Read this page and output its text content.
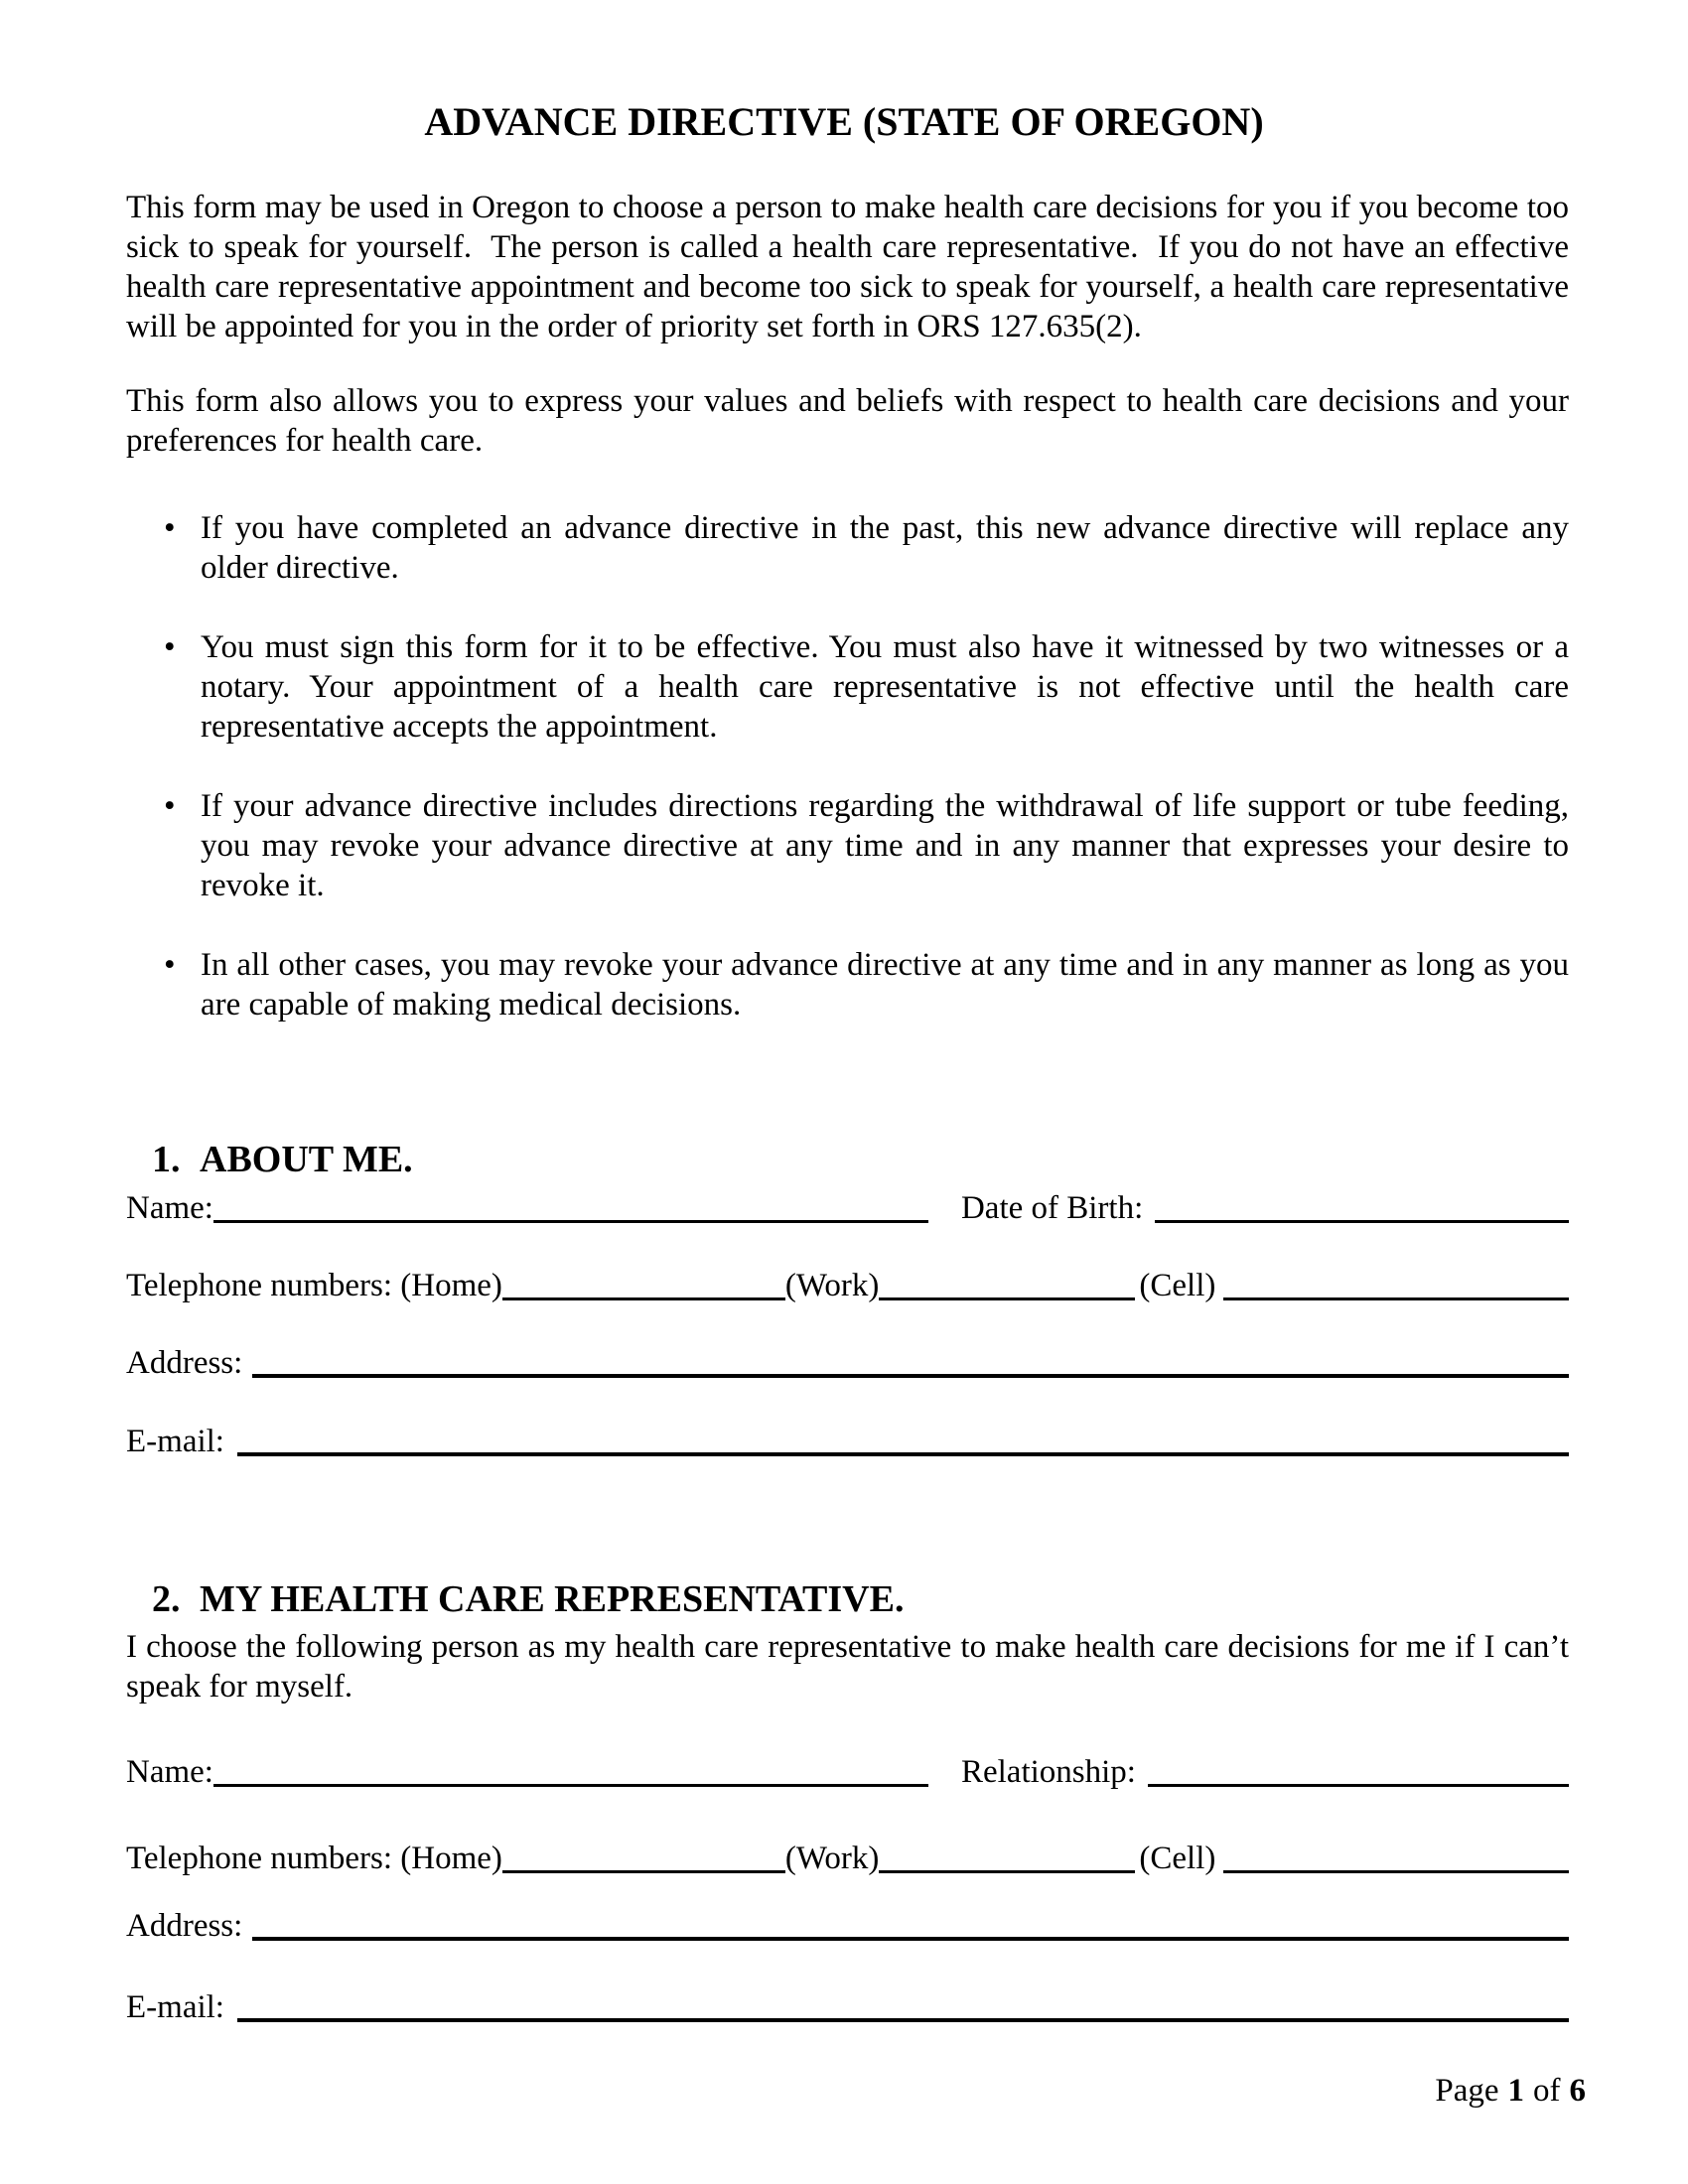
ADVANCE DIRECTIVE (STATE OF OREGON)
This form may be used in Oregon to choose a person to make health care decisions for you if you become too sick to speak for yourself.  The person is called a health care representative.  If you do not have an effective health care representative appointment and become too sick to speak for yourself, a health care representative will be appointed for you in the order of priority set forth in ORS 127.635(2).
This form also allows you to express your values and beliefs with respect to health care decisions and your preferences for health care.
• If you have completed an advance directive in the past, this new advance directive will replace any older directive.
• You must sign this form for it to be effective. You must also have it witnessed by two witnesses or a notary. Your appointment of a health care representative is not effective until the health care representative accepts the appointment.
• If your advance directive includes directions regarding the withdrawal of life support or tube feeding, you may revoke your advance directive at any time and in any manner that expresses your desire to revoke it.
• In all other cases, you may revoke your advance directive at any time and in any manner as long as you are capable of making medical decisions.

1. ABOUT ME.

Name:	Date of Birth:
Telephone numbers: (Home)	(Work)	(Cell)
Address:
E-mail:

2. MY HEALTH CARE REPRESENTATIVE.

I choose the following person as my health care representative to make health care decisions for me if I can’t speak for myself.
Name:	Relationship:
Telephone numbers: (Home)	(Work)	(Cell)
Address:
E-mail:
Page 1 of 6
